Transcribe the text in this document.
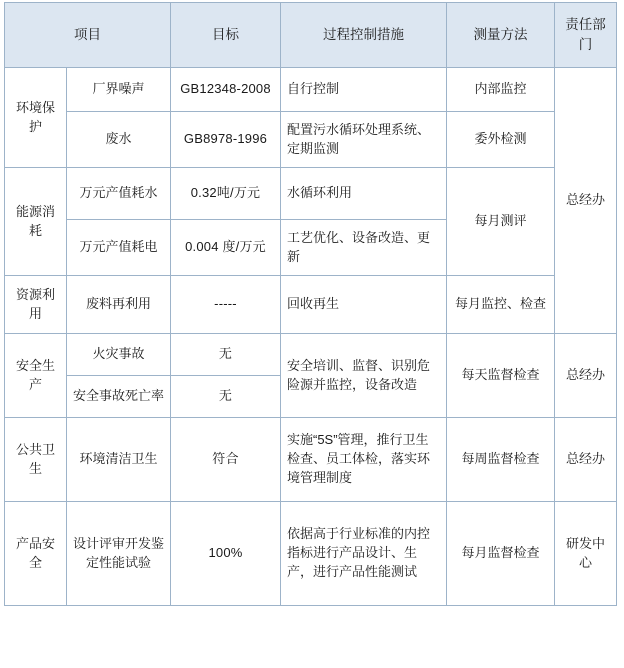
项目		目标	过程控制措施	测量方法	责任部门
环境保护	厂界噪声	GB12348-2008	自行控制	内部监控	总经办
	废水	GB8978-1996	配置污水循环处理系统、定期监测	委外检测	
能源消耗	万元产值耗水	0.32吨/万元	水循环利用	每月测评	
	万元产值耗电	0.004 度/万元	工艺优化、设备改造、更新		
资源利用	废料再利用	-----	回收再生	每月监控、检查	
安全生产	火灾事故	无	安全培训、监督、识别危险源并监控，设备改造	每天监督检查	总经办
	安全事故死亡率	无			
公共卫生	环境清洁卫生	符合	实施“5S”管理，推行卫生检查、员工体检，落实环境管理制度	每周监督检查	总经办
产品安全	设计评审开发鉴定性能试验	100%	依据高于行业标准的内控指标进行产品设计、生产，进行产品性能测试	每月监督检查	研发中心
